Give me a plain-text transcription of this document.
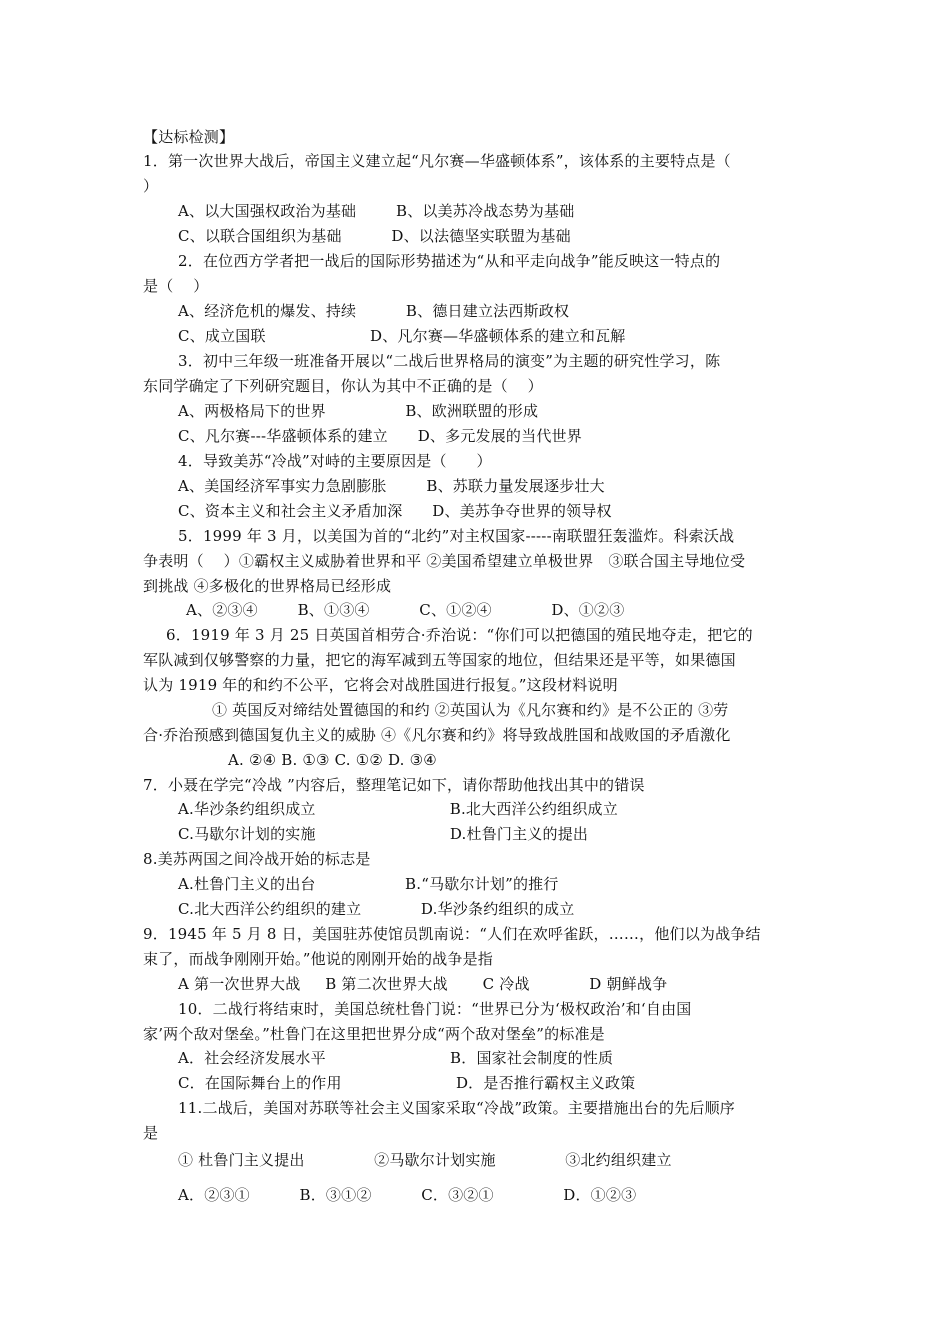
【达标检测】
1．第一次世界大战后，帝国主义建立起“凡尔赛—华盛顿体系”，该体系的主要特点是（
）
A、以大国强权政治为基础        B、以美苏冷战态势为基础
C、以联合国组织为基础          D、以法德坚实联盟为基础
2．在位西方学者把一战后的国际形势描述为“从和平走向战争”能反映这一特点的
是（    ）
A、经济危机的爆发、持续          B、德日建立法西斯政权
C、成立国联                     D、凡尔赛—华盛顿体系的建立和瓦解
3．初中三年级一班准备开展以“二战后世界格局的演变”为主题的研究性学习，陈
东同学确定了下列研究题目，你认为其中不正确的是（    ）
A、两极格局下的世界                B、欧洲联盟的形成
C、凡尔赛---华盛顿体系的建立      D、多元发展的当代世界
4．导致美苏“冷战”对峙的主要原因是（      ）
A、美国经济军事实力急剧膨胀        B、苏联力量发展逐步壮大
C、资本主义和社会主义矛盾加深      D、美苏争夺世界的领导权
5．1999 年 3 月，以美国为首的“北约”对主权国家-----南联盟狂轰滥炸。科索沃战
争表明（    ）①霸权主义威胁着世界和平 ②美国希望建立单极世界   ③联合国主导地位受
到挑战 ④多极化的世界格局已经形成
A、②③④        B、①③④          C、①②④            D、①②③
6．1919 年 3 月 25 日英国首相劳合·乔治说：“你们可以把德国的殖民地夺走，把它的
军队减到仅够警察的力量，把它的海军减到五等国家的地位，但结果还是平等，如果德国
认为 1919 年的和约不公平，它将会对战胜国进行报复。”这段材料说明
① 英国反对缔结处置德国的和约 ②英国认为《凡尔赛和约》是不公正的 ③劳
合·乔治预感到德国复仇主义的威胁 ④《凡尔赛和约》将导致战胜国和战败国的矛盾激化
A. ②④ B. ①③ C. ①② D. ③④
7．小聂在学完“冷战 ”内容后，整理笔记如下，请你帮助他找出其中的错误
A.华沙条约组织成立                           B.北大西洋公约组织成立
C.马歇尔计划的实施                           D.杜鲁门主义的提出
8.美苏两国之间冷战开始的标志是
A.杜鲁门主义的出台                  B.“马歇尔计划”的推行
C.北大西洋公约组织的建立            D.华沙条约组织的成立
9．1945 年 5 月 8 日，美国驻苏使馆员凯南说：“人们在欢呼雀跃，……，他们以为战争结
束了，而战争刚刚开始。”他说的刚刚开始的战争是指
A 第一次世界大战     B 第二次世界大战       C 冷战            D 朝鲜战争
10．二战行将结束时，美国总统杜鲁门说：“世界已分为‘极权政治’和‘自由国
家’两个敌对堡垒。”杜鲁门在这里把世界分成“两个敌对堡垒”的标准是
A．社会经济发展水平                         B．国家社会制度的性质
C．在国际舞台上的作用                       D．是否推行霸权主义政策
11.二战后，美国对苏联等社会主义国家采取“冷战”政策。主要措施出台的先后顺序
是
① 杜鲁门主义提出              ②马歇尔计划实施              ③北约组织建立
A．②③①          B．③①②          C．③②①              D．①②③
